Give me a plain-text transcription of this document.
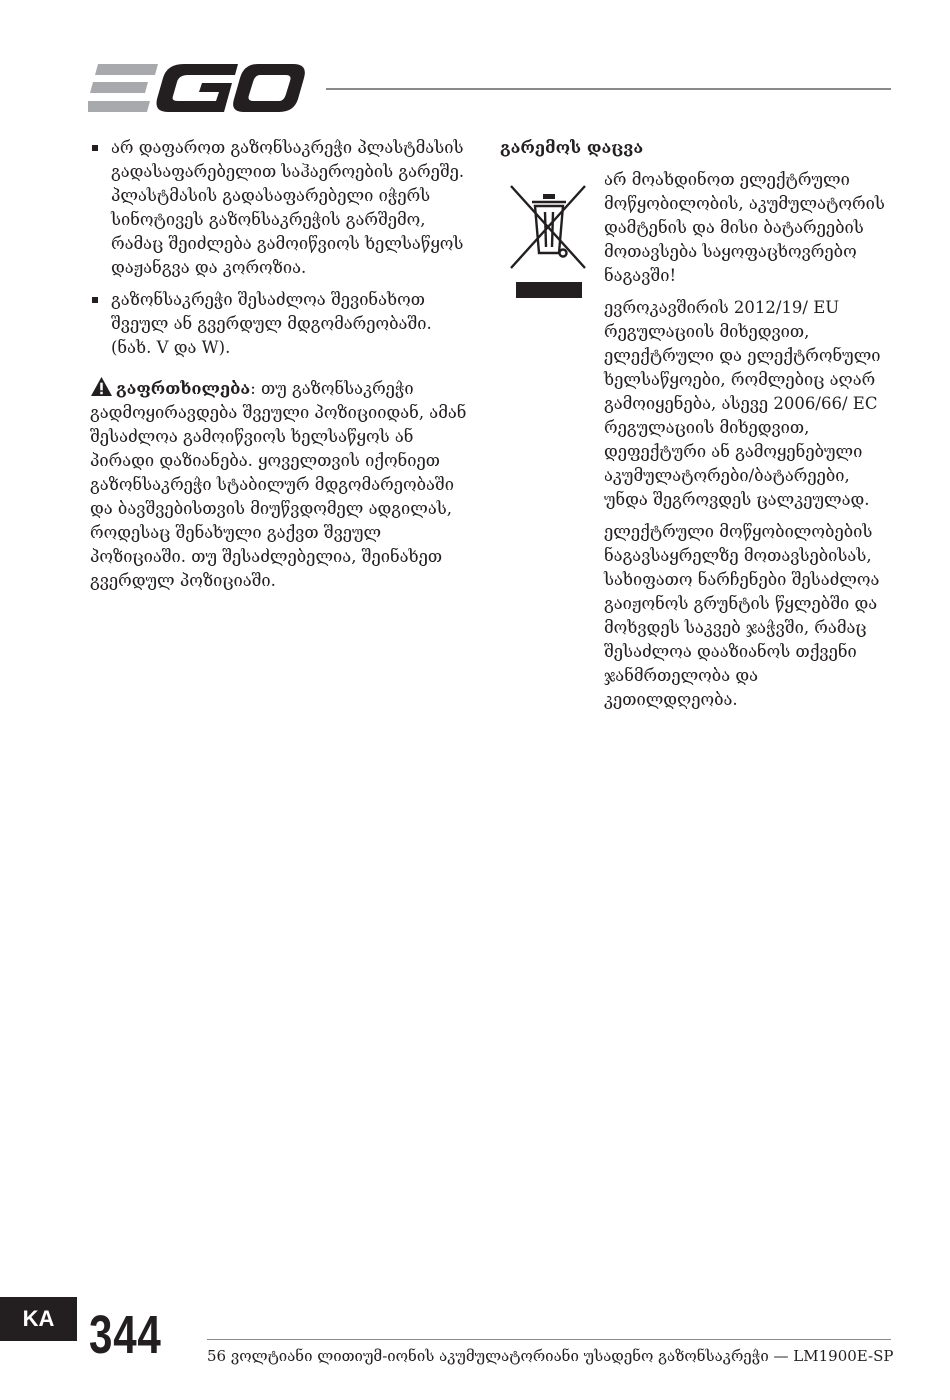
არ დაფაროთ გაზონსაკრეჭი პლასტმასის გადასაფარებელით საჰაეროების გარეშე. პლასტმასის გადასაფარებელი იჭერს სინოტივეს გაზონსაკრეჭის გარშემო, რამაც შეიძლება გამოიწვიოს ხელსაწყოს დაჟანგვა და კოროზია.
გაზონსაკრეჭი შესაძლოა შევინახოთ შვეულ ან გვერდულ მდგომარეობაში. (ნახ. V და W).

გაფრთხილება: თუ გაზონსაკრეჭი გადმოყირავდება შვეული პოზიციიდან, ამან შესაძლოა გამოიწვიოს ხელსაწყოს ან პირადი დაზიანება. ყოველთვის იქონიეთ გაზონსაკრეჭი სტაბილურ მდგომარეობაში და ბავშვებისთვის მიუწვდომელ ადგილას, როდესაც შენახული გაქვთ შვეულ პოზიციაში. თუ შესაძლებელია, შეინახეთ გვერდულ პოზიციაში.

გარემოს დაცვა

არ მოახდინოთ ელექტრული მოწყობილობის, აკუმულატორის დამტენის და მისი ბატარეების მოთავსება საყოფაცხოვრებო ნაგავში!

ევროკავშირის 2012/19/ EU რეგულაციის მიხედვით, ელექტრული და ელექტრონული ხელსაწყოები, რომლებიც აღარ გამოიყენება, ასევე 2006/66/ EC რეგულაციის მიხედვით, დეფექტური ან გამოყენებული აკუმულატორები/ბატარეები, უნდა შეგროვდეს ცალკეულად.

ელექტრული მოწყობილობების ნაგავსაყრელზე მოთავსებისას, სახიფათო ნარჩენები შესაძლოა გაიჟონოს გრუნტის წყლებში და მოხვდეს საკვებ ჯაჭვში, რამაც შესაძლოა დააზიანოს თქვენი ჯანმრთელობა და კეთილდღეობა.

KA 344	56 ვოლტიანი ლითიუმ-იონის აკუმულატორიანი უსადენო გაზონსაკრეჭი — LM1900E-SP
